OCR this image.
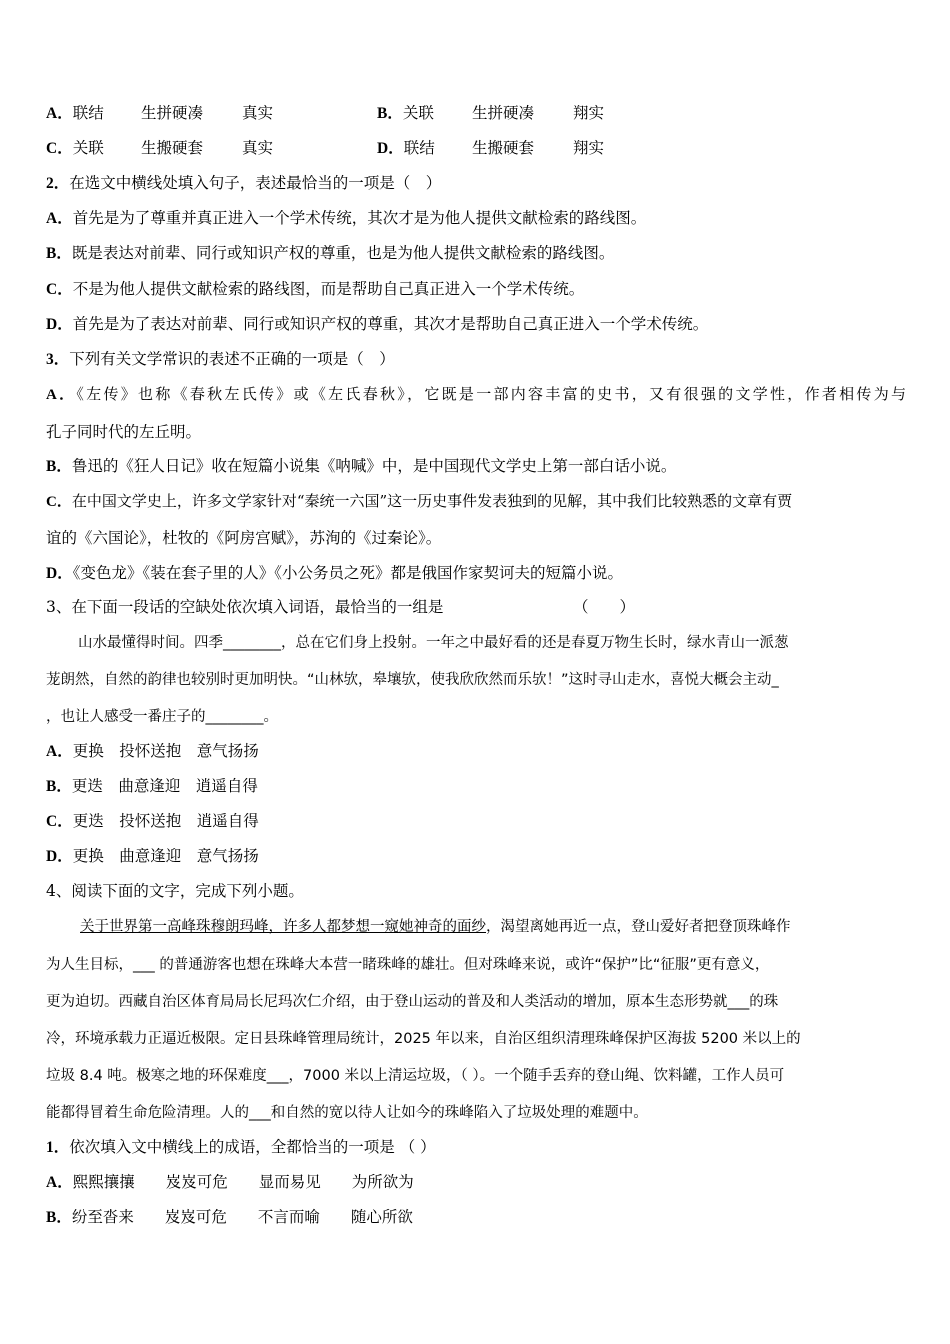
A．联结 生拼硬凑	真实	B．关联 生拼硬凑	翔实
C．关联 生搬硬套	真实	D．联结 生搬硬套	翔实
2．在选文中横线处填入句子，表述最恰当的一项是（　）
A．首先是为了尊重并真正进入一个学术传统，其次才是为他人提供文献检索的路线图。
B．既是表达对前辈、同行或知识产权的尊重，也是为他人提供文献检索的路线图。
C．不是为他人提供文献检索的路线图，而是帮助自己真正进入一个学术传统。
D．首先是为了表达对前辈、同行或知识产权的尊重，其次才是帮助自己真正进入一个学术传统。
3．下列有关文学常识的表述不正确的一项是（　）
A．《左传》也称《春秋左氏传》或《左氏春秋》，它既是一部内容丰富的史书，又有很强的文学性，作者相传为与
孔子同时代的左丘明。
B．鲁迅的《狂人日记》收在短篇小说集《呐喊》中，是中国现代文学史上第一部白话小说。
C．在中国文学史上，许多文学家针对“秦统一六国”这一历史事件发表独到的见解，其中我们比较熟悉的文章有贾
谊的《六国论》，杜牧的《阿房宫赋》，苏洵的《过秦论》。
D．《变色龙》《装在套子里的人》《小公务员之死》都是俄国作家契诃夫的短篇小说。
3、在下面一段话的空缺处依次填入词语，最恰当的一组是	（　　）
山水最懂得时间。四季________，总在它们身上投射。一年之中最好看的还是春夏万物生长时，绿水青山一派葱
茏朗然，自然的韵律也较别时更加明快。“山林欤，皋壤欤，使我欣欣然而乐欤！”这时寻山走水，喜悦大概会主动_
，也让人感受一番庄子的________。
A．更换　投怀送抱　意气扬扬
B．更迭　曲意逢迎　逍遥自得
C．更迭　投怀送抱　逍遥自得
D．更换　曲意逢迎　意气扬扬
4、阅读下面的文字，完成下列小题。
关于世界第一高峰珠穆朗玛峰，许多人都梦想一窥她神奇的面纱，渴望离她再近一点，登山爱好者把登顶珠峰作
为人生目标，___ 的普通游客也想在珠峰大本营一睹珠峰的雄壮。但对珠峰来说，或许“保护”比“征服”更有意义，
更为迫切。西藏自治区体育局局长尼玛次仁介绍，由于登山运动的普及和人类活动的增加，原本生态形势就___的珠
冷，环境承载力正逼近极限。定日县珠峰管理局统计，2025 年以来，自治区组织清理珠峰保护区海拔 5200 米以上的
垃圾 8.4 吨。极寒之地的环保难度___，7000 米以上清运垃圾，（ ）。一个随手丢弃的登山绳、饮料罐，工作人员可
能都得冒着生命危险清理。人的___和自然的宽以待人让如今的珠峰陷入了垃圾处理的难题中。
1．依次填入文中横线上的成语，全都恰当的一项是 （ ）
A．熙熙攘攘　　岌岌可危　　显而易见　　为所欲为
B．纷至沓来　　岌岌可危　　不言而喻　　随心所欲
